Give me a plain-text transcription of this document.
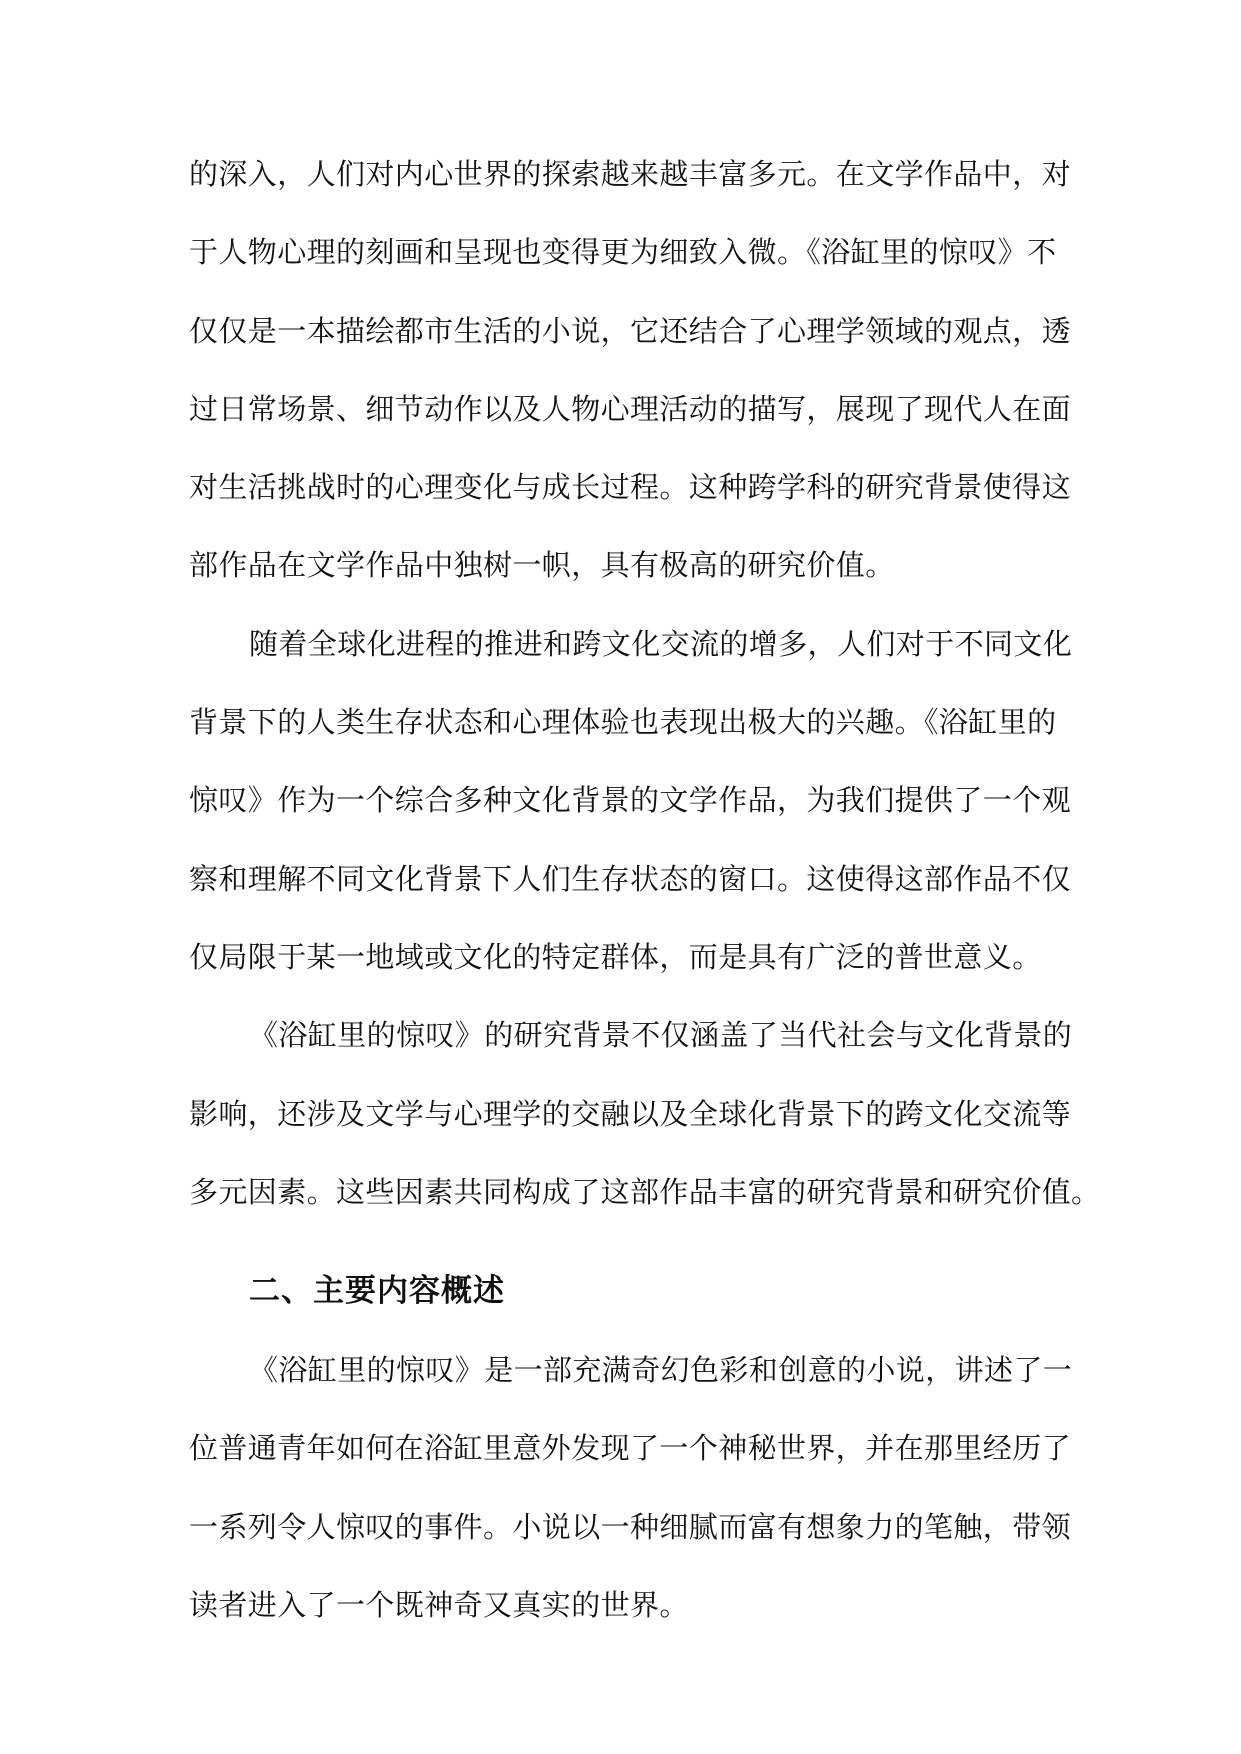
的深入，人们对内心世界的探索越来越丰富多元。在文学作品中，对
于人物心理的刻画和呈现也变得更为细致入微。《浴缸里的惊叹》不
仅仅是一本描绘都市生活的小说，它还结合了心理学领域的观点，透
过日常场景、细节动作以及人物心理活动的描写，展现了现代人在面
对生活挑战时的心理变化与成长过程。这种跨学科的研究背景使得这
部作品在文学作品中独树一帜，具有极高的研究价值。
随着全球化进程的推进和跨文化交流的增多，人们对于不同文化
背景下的人类生存状态和心理体验也表现出极大的兴趣。《浴缸里的
惊叹》作为一个综合多种文化背景的文学作品，为我们提供了一个观
察和理解不同文化背景下人们生存状态的窗口。这使得这部作品不仅
仅局限于某一地域或文化的特定群体，而是具有广泛的普世意义。
《浴缸里的惊叹》的研究背景不仅涵盖了当代社会与文化背景的
影响，还涉及文学与心理学的交融以及全球化背景下的跨文化交流等
多元因素。这些因素共同构成了这部作品丰富的研究背景和研究价值。
二、主要内容概述
《浴缸里的惊叹》是一部充满奇幻色彩和创意的小说，讲述了一
位普通青年如何在浴缸里意外发现了一个神秘世界，并在那里经历了
一系列令人惊叹的事件。小说以一种细腻而富有想象力的笔触，带领
读者进入了一个既神奇又真实的世界。
